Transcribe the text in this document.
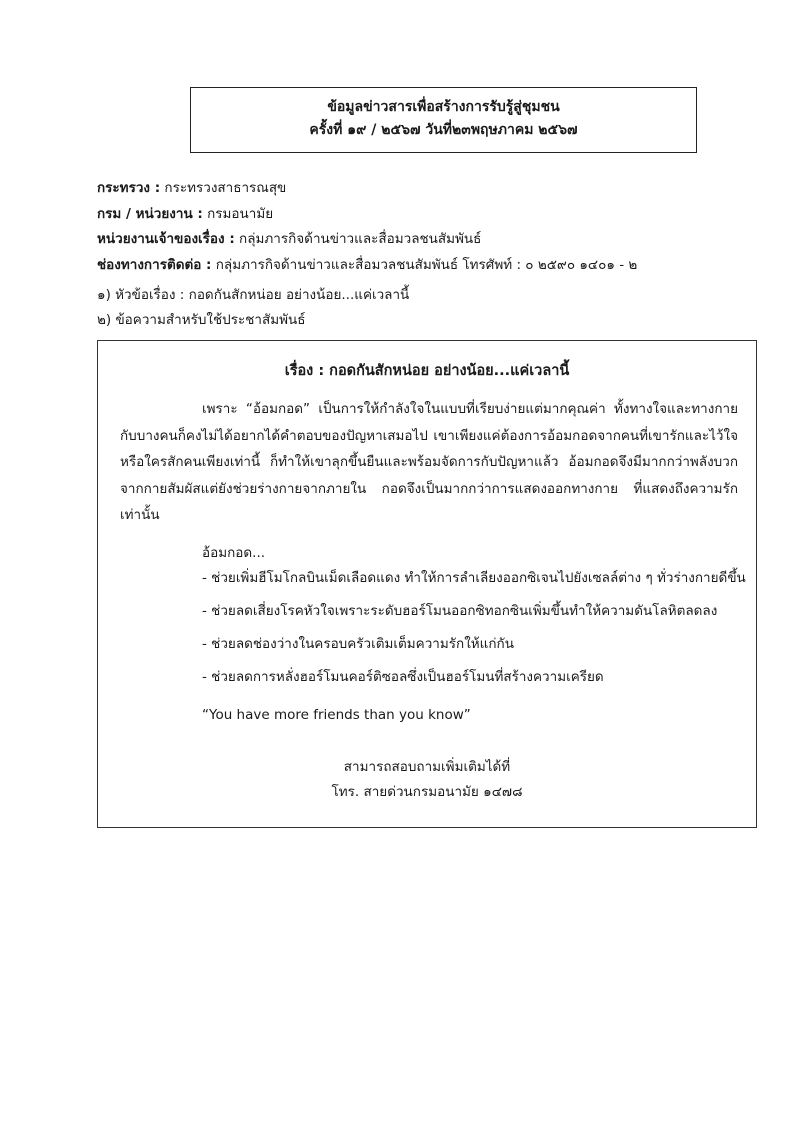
ข้อมูลข่าวสารเพื่อสร้างการรับรู้สู่ชุมชน
ครั้งที่ ๑๙ / ๒๕๖๗ วันที่๒๓พฤษภาคม ๒๕๖๗
กระทรวง : กระทรวงสาธารณสุข
กรม / หน่วยงาน : กรมอนามัย
หน่วยงานเจ้าของเรื่อง : กลุ่มภารกิจด้านข่าวและสื่อมวลชนสัมพันธ์
ช่องทางการติดต่อ : กลุ่มภารกิจด้านข่าวและสื่อมวลชนสัมพันธ์ โทรศัพท์ : ๐ ๒๕๙๐ ๑๔๐๑ - ๒
๑) หัวข้อเรื่อง : กอดกันสักหน่อย อย่างน้อย...แค่เวลานี้
๒) ข้อความสำหรับใช้ประชาสัมพันธ์
เรื่อง : กอดกันสักหน่อย อย่างน้อย...แค่เวลานี้
เพราะ “อ้อมกอด” เป็นการให้กำลังใจในแบบที่เรียบง่ายแต่มากคุณค่า ทั้งทางใจและทางกาย กับบางคนก็คงไม่ได้อยากได้คำตอบของปัญหาเสมอไป เขาเพียงแค่ต้องการอ้อมกอดจากคนที่เขารักและไว้ใจ หรือใครสักคนเพียงเท่านี้ ก็ทำให้เขาลุกขึ้นยืนและพร้อมจัดการกับปัญหาแล้ว อ้อมกอดจึงมีมากกว่าพลังบวกจากกายสัมผัสแต่ยังช่วยร่างกายจากภายใน กอดจึงเป็นมากกว่าการแสดงออกทางกาย ที่แสดงถึงความรักเท่านั้น
อ้อมกอด...
- ช่วยเพิ่มฮีโมโกลบินเม็ดเลือดแดง ทำให้การลำเลียงออกซิเจนไปยังเซลล์ต่าง ๆ ทั่วร่างกายดีขึ้น
- ช่วยลดเสี่ยงโรคหัวใจเพราะระดับฮอร์โมนออกซิทอกซินเพิ่มขึ้นทำให้ความดันโลหิตลดลง
- ช่วยลดช่องว่างในครอบครัวเติมเต็มความรักให้แก่กัน
- ช่วยลดการหลั่งฮอร์โมนคอร์ติซอลซึ่งเป็นฮอร์โมนที่สร้างความเครียด
“You have more friends than you know”
สามารถสอบถามเพิ่มเติมได้ที่
โทร. สายด่วนกรมอนามัย ๑๔๗๘
